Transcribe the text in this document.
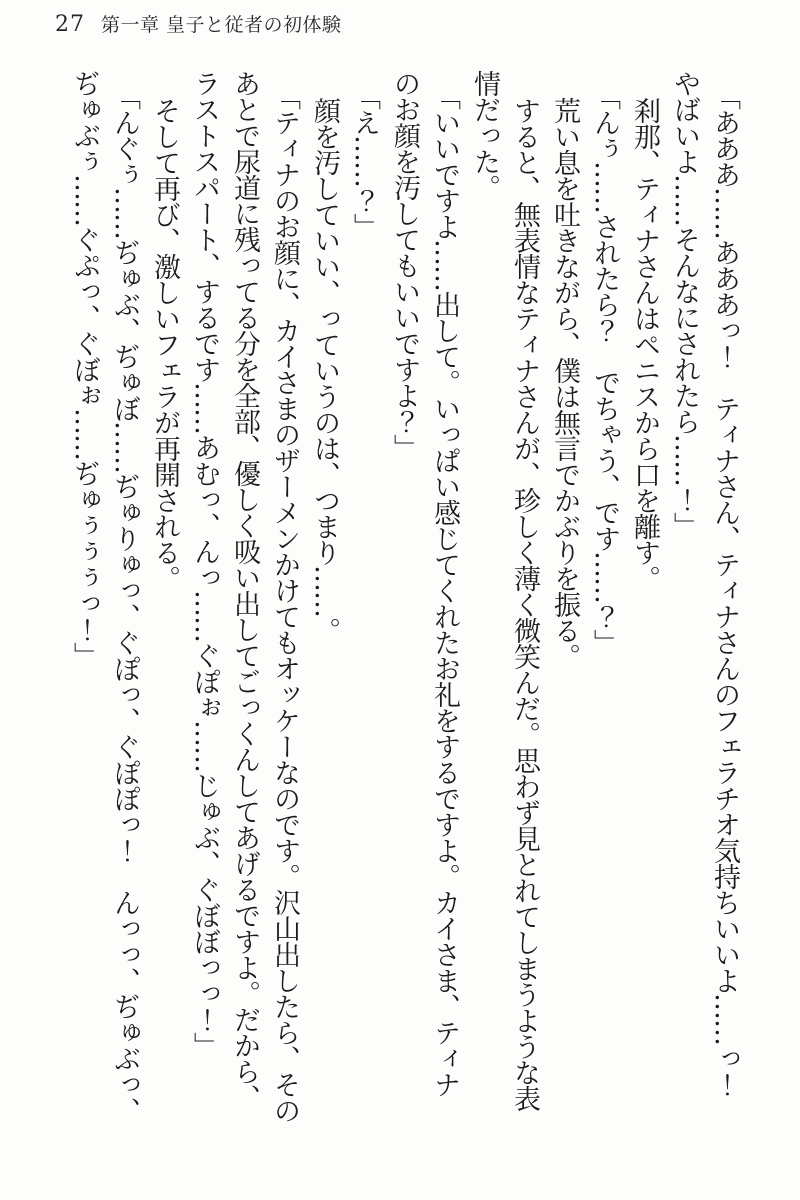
27 第一章 皇子と従者の初体験
「あああ……あああっ！　ティナさん、ティナさんのフェラチオ気持ちいいよ……っ！
やばいよ……そんなにされたら……！」
刹那、ティナさんはペニスから口を離す。
「んぅ……されたら？　でちゃう、です……？」
荒い息を吐きながら、僕は無言でかぶりを振る。
すると、無表情なティナさんが、珍しく薄く微笑んだ。思わず見とれてしまうような表
情だった。
「いいですよ……出して。いっぱい感じてくれたお礼をするですよ。カイさま、ティナ
のお顔を汚してもいいですよ？」
「え……？」
顔を汚していい、っていうのは、つまり……。
「ティナのお顔に、カイさまのザーメンかけてもオッケーなのです。沢山出したら、その
あとで尿道に残ってる分を全部、優しく吸い出してごっくんしてあげるですよ。だから、
ラストスパート、するです……あむっ、んっ……ぐぽぉ……じゅぶ、ぐぼぼっっ！」
そして再び、激しいフェラが再開される。
「んぐぅ……ぢゅぶ、ぢゅぼ……ぢゅりゅっ、ぐぽっ、ぐぽぽっ！　んっっ、ぢゅぶっ、
ぢゅぶぅ……ぐぷっ、ぐぼぉ……ぢゅぅぅぅっ！」
